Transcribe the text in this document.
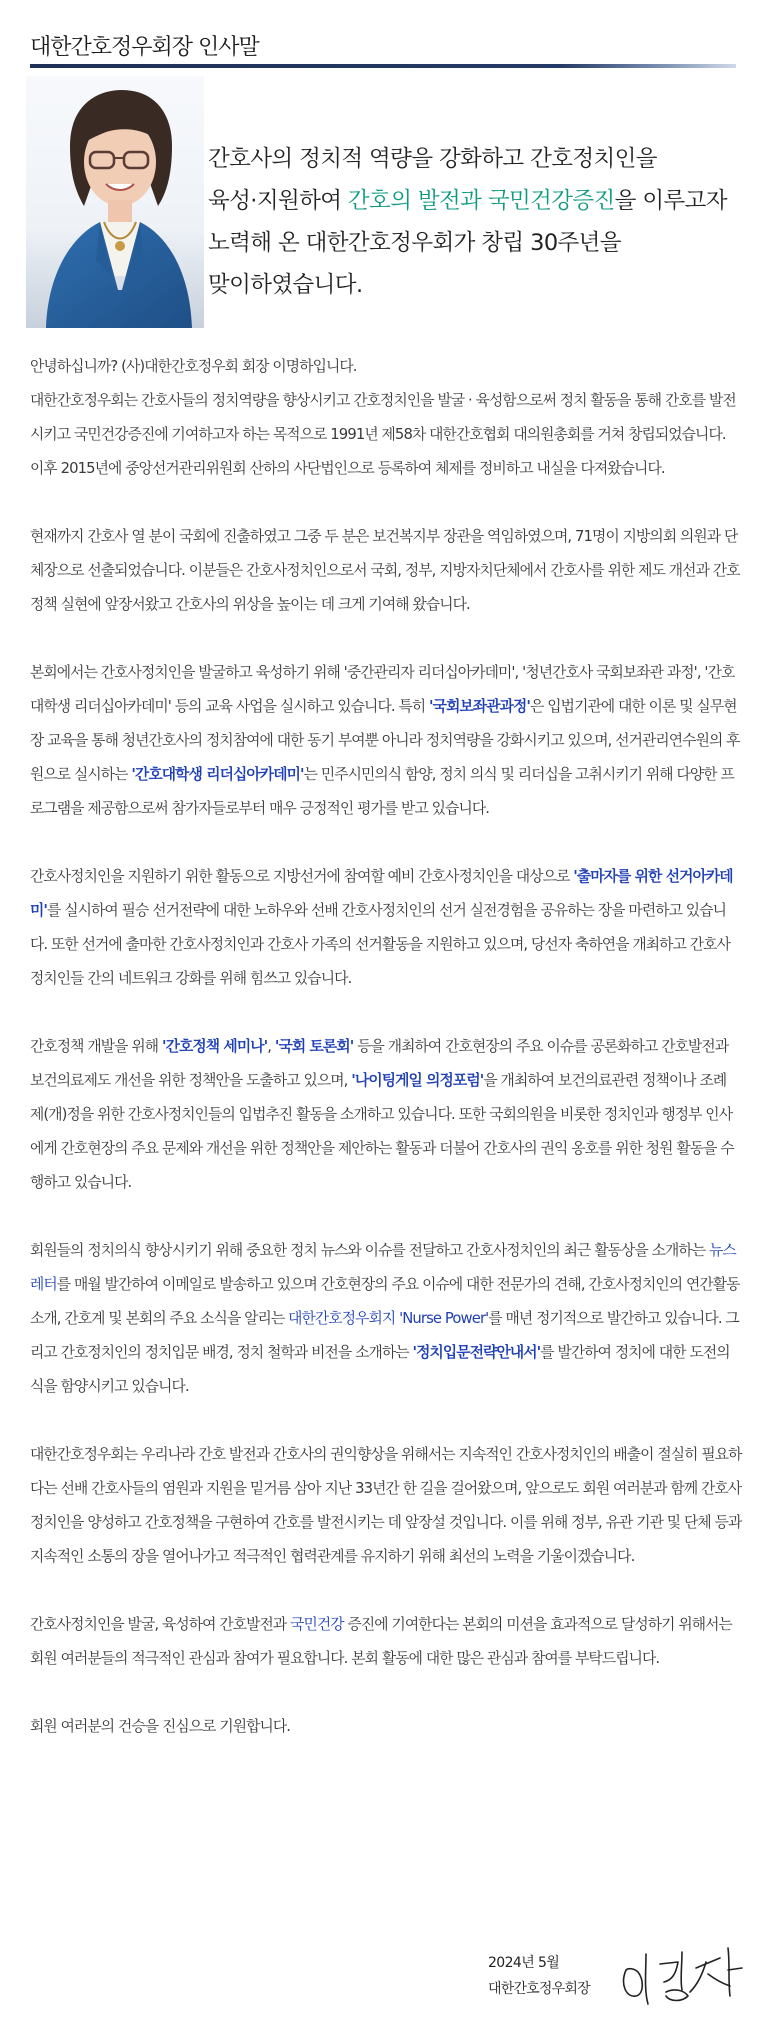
대한간호정우회장 인사말

간호사의 정치적 역량을 강화하고 간호정치인을

육성·지원하여 간호의 발전과 국민건강증진을 이루고자

노력해 온 대한간호정우회가 창립 30주년을

맞이하였습니다.

안녕하십니까? (사)대한간호정우회 회장 이명하입니다.

대한간호정우회는 간호사들의 정치역량을 향상시키고 간호정치인을 발굴 · 육성함으로써 정치 활동을 통해 간호를 발전시키고 국민건강증진에 기여하고자 하는 목적으로 1991년 제58차 대한간호협회 대의원총회를 거쳐 창립되었습니다. 이후 2015년에 중앙선거관리위원회 산하의 사단법인으로 등록하여 체제를 정비하고 내실을 다져왔습니다.

현재까지 간호사 열 분이 국회에 진출하였고 그중 두 분은 보건복지부 장관을 역임하였으며, 71명이 지방의회 의원과 단체장으로 선출되었습니다. 이분들은 간호사정치인으로서 국회, 정부, 지방자치단체에서 간호사를 위한 제도 개선과 간호정책 실현에 앞장서왔고 간호사의 위상을 높이는 데 크게 기여해 왔습니다.

본회에서는 간호사정치인을 발굴하고 육성하기 위해 '중간관리자 리더십아카데미', '청년간호사 국회보좌관 과정', '간호대학생 리더십아카데미' 등의 교육 사업을 실시하고 있습니다. 특히 '국회보좌관과정'은 입법기관에 대한 이론 및 실무현장 교육을 통해 청년간호사의 정치참여에 대한 동기 부여뿐 아니라 정치역량을 강화시키고 있으며, 선거관리연수원의 후원으로 실시하는 '간호대학생 리더십아카데미'는 민주시민의식 함양, 정치 의식 및 리더십을 고취시키기 위해 다양한 프로그램을 제공함으로써 참가자들로부터 매우 긍정적인 평가를 받고 있습니다.

간호사정치인을 지원하기 위한 활동으로 지방선거에 참여할 예비 간호사정치인을 대상으로 '출마자를 위한 선거아카데미'를 실시하여 필승 선거전략에 대한 노하우와 선배 간호사정치인의 선거 실전경험을 공유하는 장을 마련하고 있습니다. 또한 선거에 출마한 간호사정치인과 간호사 가족의 선거활동을 지원하고 있으며, 당선자 축하연을 개최하고 간호사정치인들 간의 네트워크 강화를 위해 힘쓰고 있습니다.

간호정책 개발을 위해 '간호정책 세미나', '국회 토론회' 등을 개최하여 간호현장의 주요 이슈를 공론화하고 간호발전과 보건의료제도 개선을 위한 정책안을 도출하고 있으며, '나이팅게일 의정포럼'을 개최하여 보건의료관련 정책이나 조례 제(개)정을 위한 간호사정치인들의 입법추진 활동을 소개하고 있습니다. 또한 국회의원을 비롯한 정치인과 행정부 인사에게 간호현장의 주요 문제와 개선을 위한 정책안을 제안하는 활동과 더불어 간호사의 권익 옹호를 위한 청원 활동을 수행하고 있습니다.

회원들의 정치의식 향상시키기 위해 중요한 정치 뉴스와 이슈를 전달하고 간호사정치인의 최근 활동상을 소개하는 뉴스레터를 매월 발간하여 이메일로 발송하고 있으며 간호현장의 주요 이슈에 대한 전문가의 견해, 간호사정치인의 연간활동 소개, 간호계 및 본회의 주요 소식을 알리는 대한간호정우회지 'Nurse Power'를 매년 정기적으로 발간하고 있습니다. 그리고 간호정치인의 정치입문 배경, 정치 철학과 비전을 소개하는 '정치입문전략안내서'를 발간하여 정치에 대한 도전의식을 함양시키고 있습니다.

대한간호정우회는 우리나라 간호 발전과 간호사의 권익향상을 위해서는 지속적인 간호사정치인의 배출이 절실히 필요하다는 선배 간호사들의 염원과 지원을 밑거름 삼아 지난 33년간 한 길을 걸어왔으며, 앞으로도 회원 여러분과 함께 간호사정치인을 양성하고 간호정책을 구현하여 간호를 발전시키는 데 앞장설 것입니다. 이를 위해 정부, 유관 기관 및 단체 등과 지속적인 소통의 장을 열어나가고 적극적인 협력관계를 유지하기 위해 최선의 노력을 기울이겠습니다.

간호사정치인을 발굴, 육성하여 간호발전과 국민건강 증진에 기여한다는 본회의 미션을 효과적으로 달성하기 위해서는 회원 여러분들의 적극적인 관심과 참여가 필요합니다. 본회 활동에 대한 많은 관심과 참여를 부탁드립니다.

회원 여러분의 건승을 진심으로 기원합니다.

2024년 5월
대한간호정우회장
